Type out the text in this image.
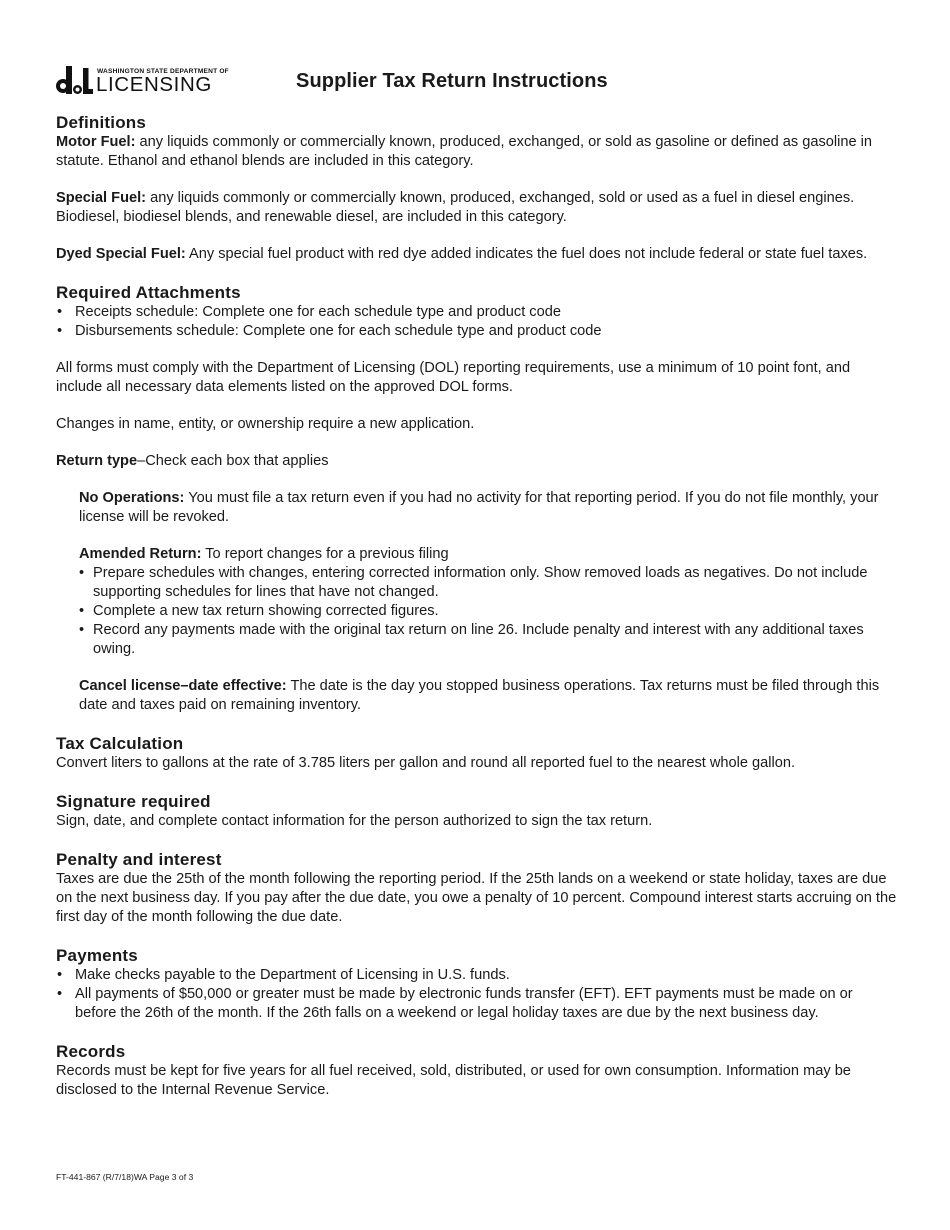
WASHINGTON STATE DEPARTMENT OF
LICENSING	Supplier Tax Return Instructions
Definitions

Motor Fuel: any liquids commonly or commercially known, produced, exchanged, or sold as gasoline or defined as gasoline in statute. Ethanol and ethanol blends are included in this category.

Special Fuel: any liquids commonly or commercially known, produced, exchanged, sold or used as a fuel in diesel engines. Biodiesel, biodiesel blends, and renewable diesel, are included in this category.

Dyed Special Fuel: Any special fuel product with red dye added indicates the fuel does not include federal or state fuel taxes.

Required Attachments
• Receipts schedule: Complete one for each schedule type and product code
• Disbursements schedule: Complete one for each schedule type and product code

All forms must comply with the Department of Licensing (DOL) reporting requirements, use a minimum of 10 point font, and include all necessary data elements listed on the approved DOL forms.

Changes in name, entity, or ownership require a new application.

Return type–Check each box that applies

No Operations: You must file a tax return even if you had no activity for that reporting period. If you do not file monthly, your license will be revoked.

Amended Return: To report changes for a previous filing

• Prepare schedules with changes, entering corrected information only. Show removed loads as negatives. Do not include supporting schedules for lines that have not changed.
• Complete a new tax return showing corrected figures.
• Record any payments made with the original tax return on line 26. Include penalty and interest with any additional taxes owing.

Cancel license–date effective: The date is the day you stopped business operations. Tax returns must be filed through this date and taxes paid on remaining inventory.

Tax Calculation

Convert liters to gallons at the rate of 3.785 liters per gallon and round all reported fuel to the nearest whole gallon.

Signature required

Sign, date, and complete contact information for the person authorized to sign the tax return.

Penalty and interest

Taxes are due the 25th of the month following the reporting period. If the 25th lands on a weekend or state holiday, taxes are due on the next business day. If you pay after the due date, you owe a penalty of 10 percent. Compound interest starts accruing on the first day of the month following the due date.

Payments
• Make checks payable to the Department of Licensing in U.S. funds.
• All payments of $50,000 or greater must be made by electronic funds transfer (EFT). EFT payments must be made on or before the 26th of the month. If the 26th falls on a weekend or legal holiday taxes are due by the next business day.
Records

Records must be kept for five years for all fuel received, sold, distributed, or used for own consumption. Information may be disclosed to the Internal Revenue Service.

FT-441-867 (R/7/18)WA Page 3 of 3
